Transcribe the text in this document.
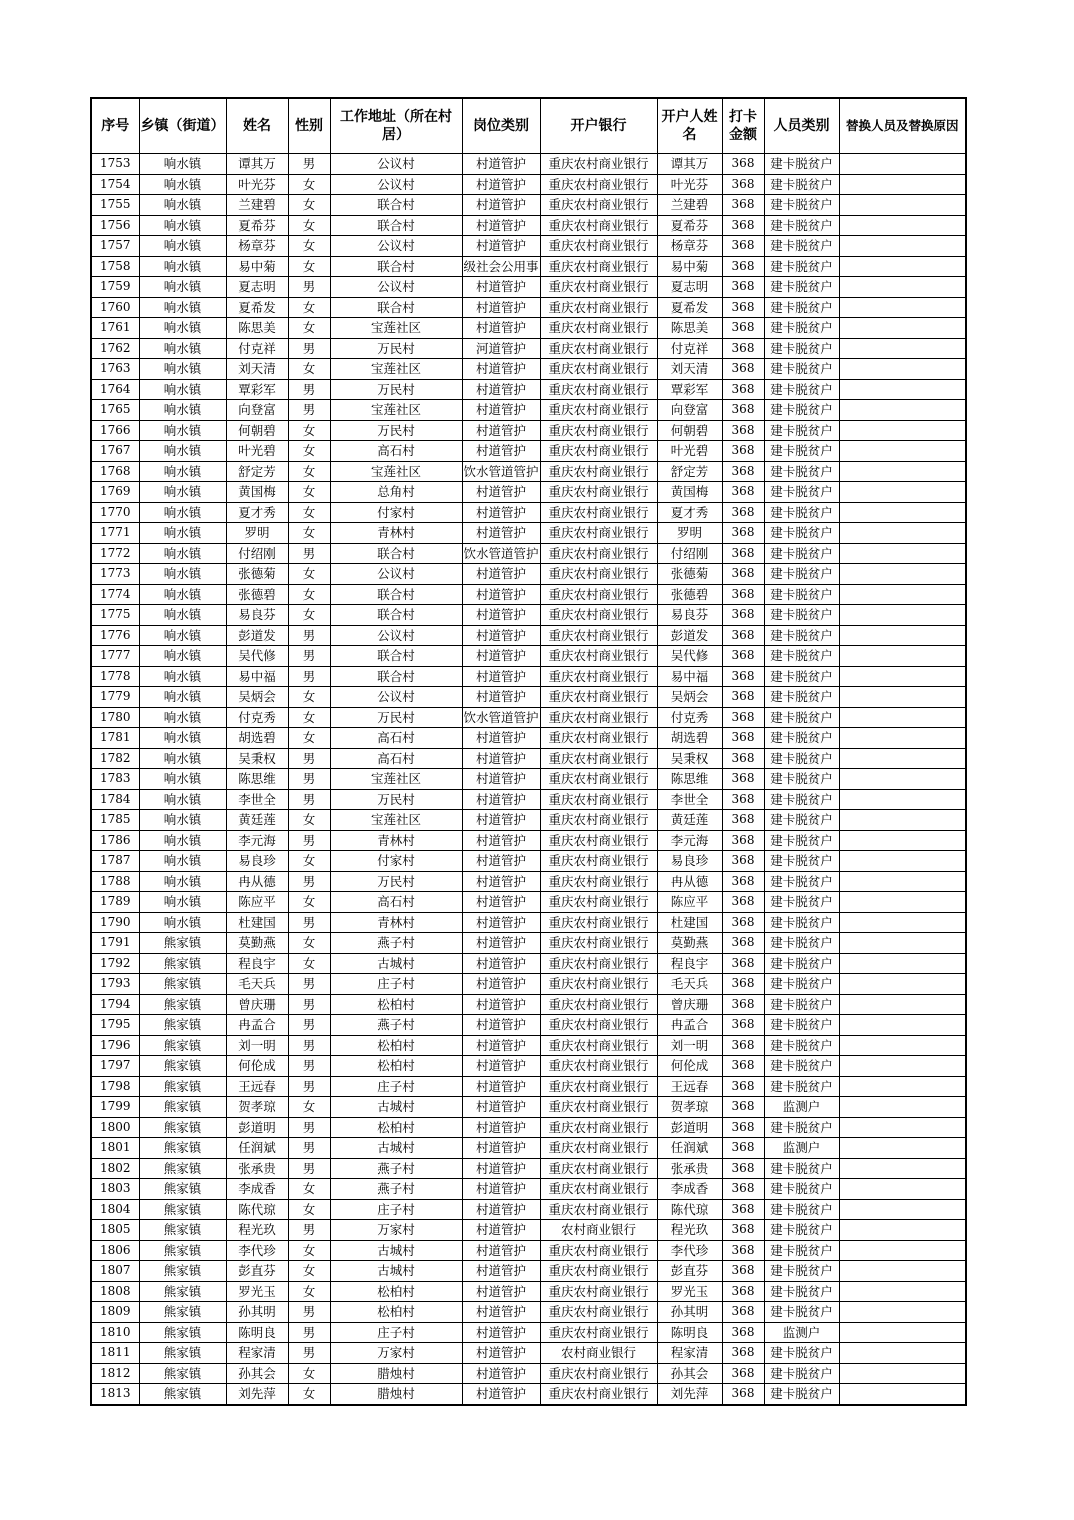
序号	乡镇（街道）	姓名	性别	工作地址（所在村居）	岗位类别	开户银行	开户人姓名	打卡金额	人员类别	替换人员及替换原因
1753	响水镇	谭其万	男	公议村	村道管护	重庆农村商业银行	谭其万	368	建卡脱贫户	
1754	响水镇	叶光芬	女	公议村	村道管护	重庆农村商业银行	叶光芬	368	建卡脱贫户	
1755	响水镇	兰建碧	女	联合村	村道管护	重庆农村商业银行	兰建碧	368	建卡脱贫户	
1756	响水镇	夏希芬	女	联合村	村道管护	重庆农村商业银行	夏希芬	368	建卡脱贫户	
1757	响水镇	杨章芬	女	公议村	村道管护	重庆农村商业银行	杨章芬	368	建卡脱贫户	
1758	响水镇	易中菊	女	联合村	级社会公用事	重庆农村商业银行	易中菊	368	建卡脱贫户	
1759	响水镇	夏志明	男	公议村	村道管护	重庆农村商业银行	夏志明	368	建卡脱贫户	
1760	响水镇	夏希发	女	联合村	村道管护	重庆农村商业银行	夏希发	368	建卡脱贫户	
1761	响水镇	陈思美	女	宝莲社区	村道管护	重庆农村商业银行	陈思美	368	建卡脱贫户	
1762	响水镇	付克祥	男	万民村	河道管护	重庆农村商业银行	付克祥	368	建卡脱贫户	
1763	响水镇	刘天清	女	宝莲社区	村道管护	重庆农村商业银行	刘天清	368	建卡脱贫户	
1764	响水镇	覃彩军	男	万民村	村道管护	重庆农村商业银行	覃彩军	368	建卡脱贫户	
1765	响水镇	向登富	男	宝莲社区	村道管护	重庆农村商业银行	向登富	368	建卡脱贫户	
1766	响水镇	何朝碧	女	万民村	村道管护	重庆农村商业银行	何朝碧	368	建卡脱贫户	
1767	响水镇	叶光碧	女	高石村	村道管护	重庆农村商业银行	叶光碧	368	建卡脱贫户	
1768	响水镇	舒定芳	女	宝莲社区	饮水管道管护	重庆农村商业银行	舒定芳	368	建卡脱贫户	
1769	响水镇	黄国梅	女	总角村	村道管护	重庆农村商业银行	黄国梅	368	建卡脱贫户	
1770	响水镇	夏才秀	女	付家村	村道管护	重庆农村商业银行	夏才秀	368	建卡脱贫户	
1771	响水镇	罗明	女	青林村	村道管护	重庆农村商业银行	罗明	368	建卡脱贫户	
1772	响水镇	付绍刚	男	联合村	饮水管道管护	重庆农村商业银行	付绍刚	368	建卡脱贫户	
1773	响水镇	张德菊	女	公议村	村道管护	重庆农村商业银行	张德菊	368	建卡脱贫户	
1774	响水镇	张德碧	女	联合村	村道管护	重庆农村商业银行	张德碧	368	建卡脱贫户	
1775	响水镇	易良芬	女	联合村	村道管护	重庆农村商业银行	易良芬	368	建卡脱贫户	
1776	响水镇	彭道发	男	公议村	村道管护	重庆农村商业银行	彭道发	368	建卡脱贫户	
1777	响水镇	吴代修	男	联合村	村道管护	重庆农村商业银行	吴代修	368	建卡脱贫户	
1778	响水镇	易中福	男	联合村	村道管护	重庆农村商业银行	易中福	368	建卡脱贫户	
1779	响水镇	吴炳会	女	公议村	村道管护	重庆农村商业银行	吴炳会	368	建卡脱贫户	
1780	响水镇	付克秀	女	万民村	饮水管道管护	重庆农村商业银行	付克秀	368	建卡脱贫户	
1781	响水镇	胡选碧	女	高石村	村道管护	重庆农村商业银行	胡选碧	368	建卡脱贫户	
1782	响水镇	吴秉权	男	高石村	村道管护	重庆农村商业银行	吴秉权	368	建卡脱贫户	
1783	响水镇	陈思维	男	宝莲社区	村道管护	重庆农村商业银行	陈思维	368	建卡脱贫户	
1784	响水镇	李世全	男	万民村	村道管护	重庆农村商业银行	李世全	368	建卡脱贫户	
1785	响水镇	黄廷莲	女	宝莲社区	村道管护	重庆农村商业银行	黄廷莲	368	建卡脱贫户	
1786	响水镇	李元海	男	青林村	村道管护	重庆农村商业银行	李元海	368	建卡脱贫户	
1787	响水镇	易良珍	女	付家村	村道管护	重庆农村商业银行	易良珍	368	建卡脱贫户	
1788	响水镇	冉从德	男	万民村	村道管护	重庆农村商业银行	冉从德	368	建卡脱贫户	
1789	响水镇	陈应平	女	高石村	村道管护	重庆农村商业银行	陈应平	368	建卡脱贫户	
1790	响水镇	杜建国	男	青林村	村道管护	重庆农村商业银行	杜建国	368	建卡脱贫户	
1791	熊家镇	莫勤燕	女	燕子村	村道管护	重庆农村商业银行	莫勤燕	368	建卡脱贫户	
1792	熊家镇	程良宇	女	古城村	村道管护	重庆农村商业银行	程良宇	368	建卡脱贫户	
1793	熊家镇	毛天兵	男	庄子村	村道管护	重庆农村商业银行	毛天兵	368	建卡脱贫户	
1794	熊家镇	曾庆珊	男	松柏村	村道管护	重庆农村商业银行	曾庆珊	368	建卡脱贫户	
1795	熊家镇	冉孟合	男	燕子村	村道管护	重庆农村商业银行	冉孟合	368	建卡脱贫户	
1796	熊家镇	刘一明	男	松柏村	村道管护	重庆农村商业银行	刘一明	368	建卡脱贫户	
1797	熊家镇	何伦成	男	松柏村	村道管护	重庆农村商业银行	何伦成	368	建卡脱贫户	
1798	熊家镇	王远春	男	庄子村	村道管护	重庆农村商业银行	王远春	368	建卡脱贫户	
1799	熊家镇	贺孝琼	女	古城村	村道管护	重庆农村商业银行	贺孝琼	368	监测户	
1800	熊家镇	彭道明	男	松柏村	村道管护	重庆农村商业银行	彭道明	368	建卡脱贫户	
1801	熊家镇	任润斌	男	古城村	村道管护	重庆农村商业银行	任润斌	368	监测户	
1802	熊家镇	张承贵	男	燕子村	村道管护	重庆农村商业银行	张承贵	368	建卡脱贫户	
1803	熊家镇	李成香	女	燕子村	村道管护	重庆农村商业银行	李成香	368	建卡脱贫户	
1804	熊家镇	陈代琼	女	庄子村	村道管护	重庆农村商业银行	陈代琼	368	建卡脱贫户	
1805	熊家镇	程光玖	男	万家村	村道管护	农村商业银行	程光玖	368	建卡脱贫户	
1806	熊家镇	李代珍	女	古城村	村道管护	重庆农村商业银行	李代珍	368	建卡脱贫户	
1807	熊家镇	彭直芬	女	古城村	村道管护	重庆农村商业银行	彭直芬	368	建卡脱贫户	
1808	熊家镇	罗光玉	女	松柏村	村道管护	重庆农村商业银行	罗光玉	368	建卡脱贫户	
1809	熊家镇	孙其明	男	松柏村	村道管护	重庆农村商业银行	孙其明	368	建卡脱贫户	
1810	熊家镇	陈明良	男	庄子村	村道管护	重庆农村商业银行	陈明良	368	监测户	
1811	熊家镇	程家清	男	万家村	村道管护	农村商业银行	程家清	368	建卡脱贫户	
1812	熊家镇	孙其会	女	腊烛村	村道管护	重庆农村商业银行	孙其会	368	建卡脱贫户	
1813	熊家镇	刘先萍	女	腊烛村	村道管护	重庆农村商业银行	刘先萍	368	建卡脱贫户	
